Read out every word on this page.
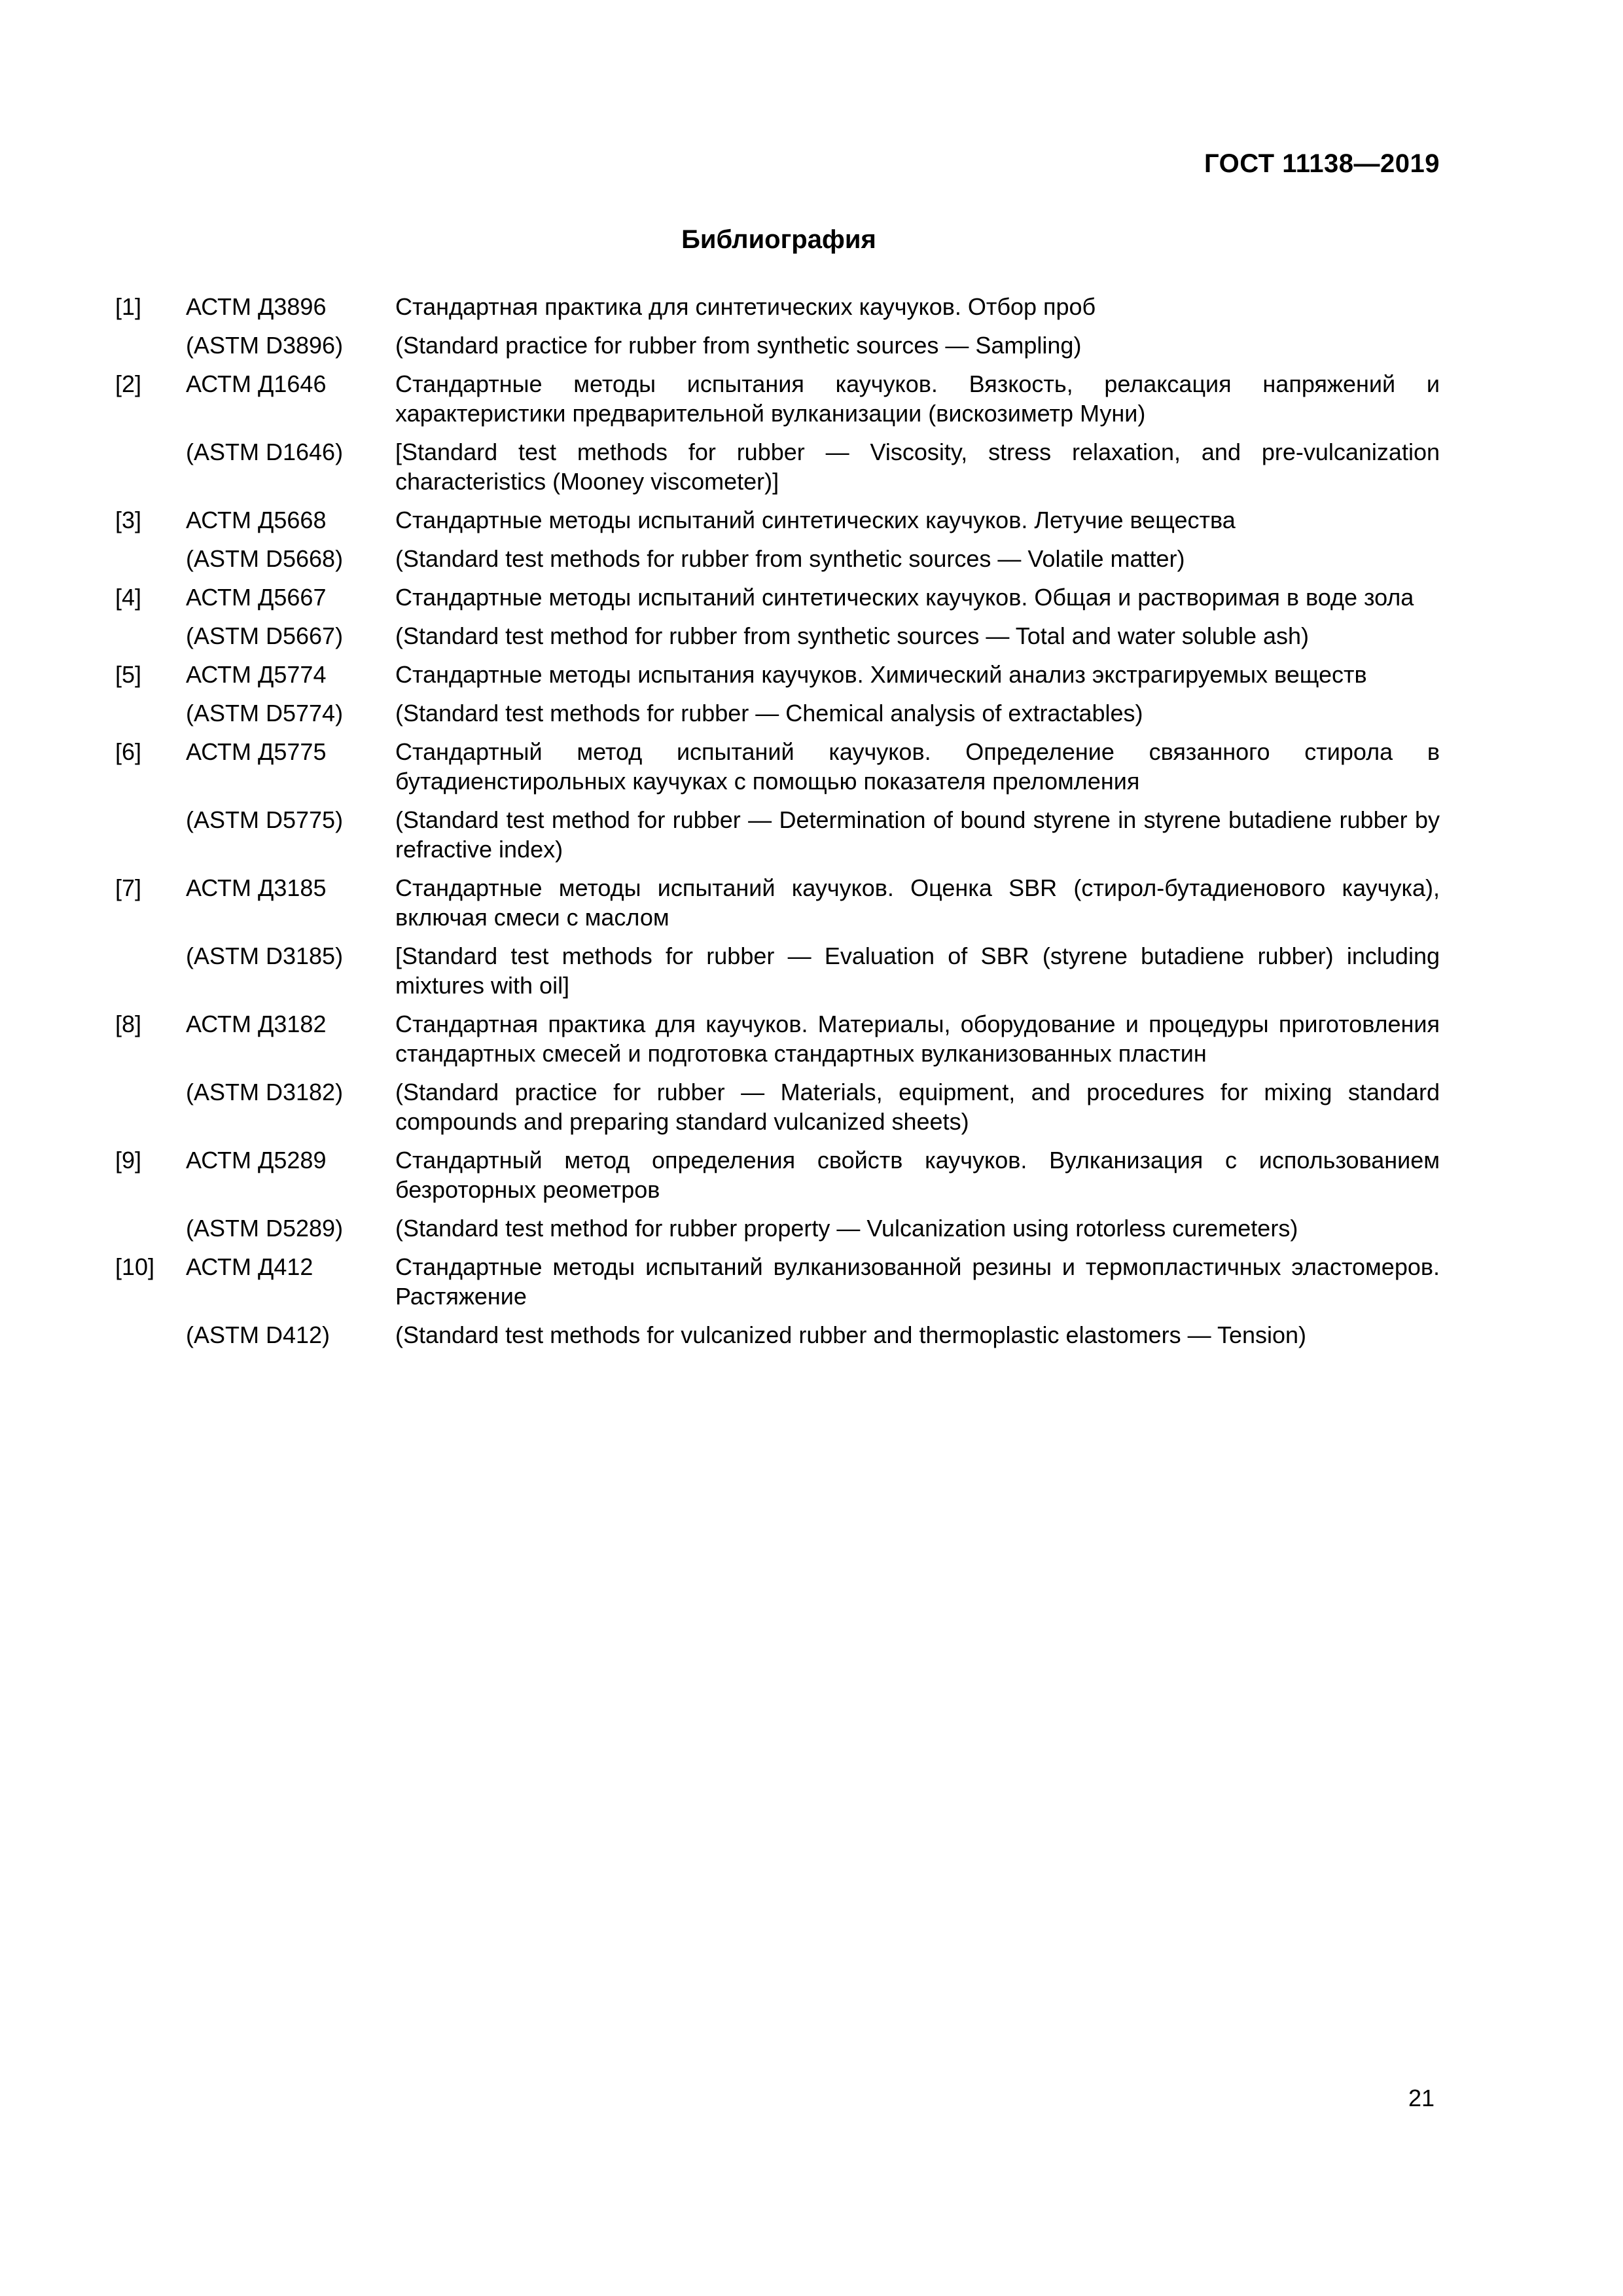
ГОСТ 11138—2019
Библиография
[1]	АСТМ Д3896	Стандартная практика для синтетических каучуков. Отбор проб
(ASTM D3896)	(Standard practice for rubber from synthetic sources — Sampling)
[2]	АСТМ Д1646	Стандартные методы испытания каучуков. Вязкость, релаксация напряжений и характеристики предварительной вулканизации (вискозиметр Муни)
(ASTM D1646)	[Standard test methods for rubber — Viscosity, stress relaxation, and pre-vulcanization characteristics (Mooney viscometer)]
[3]	АСТМ Д5668	Стандартные методы испытаний синтетических каучуков. Летучие вещества
(ASTM D5668)	(Standard test methods for rubber from synthetic sources — Volatile matter)
[4]	АСТМ Д5667	Стандартные методы испытаний синтетических каучуков. Общая и растворимая в воде зола
(ASTM D5667)	(Standard test method for rubber from synthetic sources — Total and water soluble ash)
[5]	АСТМ Д5774	Стандартные методы испытания каучуков. Химический анализ экстрагируемых веществ
(ASTM D5774)	(Standard test methods for rubber — Chemical analysis of extractables)
[6]	АСТМ Д5775	Стандартный метод испытаний каучуков. Определение связанного стирола в бутадиенстирольных каучуках с помощью показателя преломления
(ASTM D5775)	(Standard test method for rubber — Determination of bound styrene in styrene butadiene rubber by refractive index)
[7]	АСТМ Д3185	Стандартные методы испытаний каучуков. Оценка SBR (стирол-бутадиенового каучука), включая смеси с маслом
(ASTM D3185)	[Standard test methods for rubber — Evaluation of SBR (styrene butadiene rubber) including mixtures with oil]
[8]	АСТМ Д3182	Стандартная практика для каучуков. Материалы, оборудование и процедуры приготовления стандартных смесей и подготовка стандартных вулканизованных пластин
(ASTM D3182)	(Standard practice for rubber — Materials, equipment, and procedures for mixing standard compounds and preparing standard vulcanized sheets)
[9]	АСТМ Д5289	Стандартный метод определения свойств каучуков. Вулканизация с использованием безроторных реометров
(ASTM D5289)	(Standard test method for rubber property — Vulcanization using rotorless curemeters)
[10]	АСТМ Д412	Стандартные методы испытаний вулканизованной резины и термопластичных эластомеров. Растяжение
(ASTM D412)	(Standard test methods for vulcanized rubber and thermoplastic elastomers — Tension)
21
